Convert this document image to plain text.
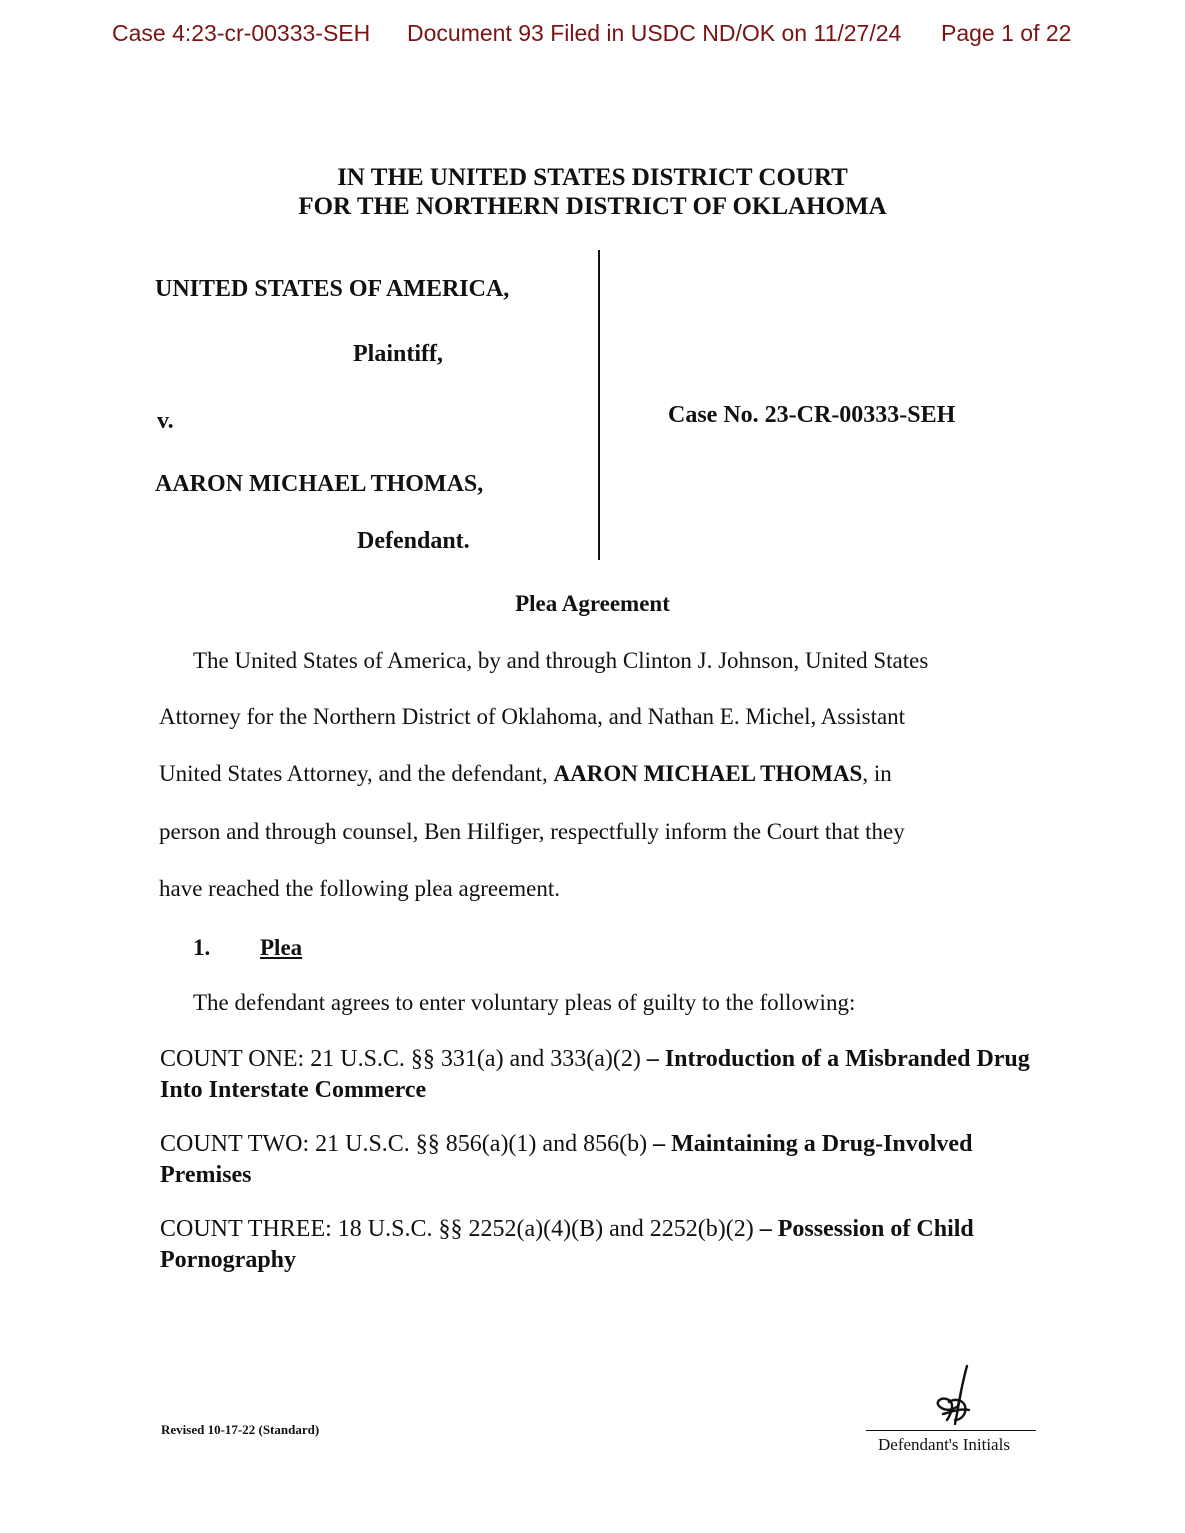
Case 4:23-cr-00333-SEH Document 93 Filed in USDC ND/OK on 11/27/24 Page 1 of 22
IN THE UNITED STATES DISTRICT COURT
FOR THE NORTHERN DISTRICT OF OKLAHOMA
UNITED STATES OF AMERICA,
Plaintiff,
v.	Case No. 23-CR-00333-SEH
AARON MICHAEL THOMAS,
Defendant.
Plea Agreement
The United States of America, by and through Clinton J. Johnson, United States
Attorney for the Northern District of Oklahoma, and Nathan E. Michel, Assistant
United States Attorney, and the defendant, AARON MICHAEL THOMAS, in
person and through counsel, Ben Hilfiger, respectfully inform the Court that they
have reached the following plea agreement.
1. Plea
The defendant agrees to enter voluntary pleas of guilty to the following:
COUNT ONE: 21 U.S.C. §§ 331(a) and 333(a)(2) – Introduction of a Misbranded Drug Into Interstate Commerce
COUNT TWO: 21 U.S.C. §§ 856(a)(1) and 856(b) – Maintaining a Drug-Involved Premises
COUNT THREE: 18 U.S.C. §§ 2252(a)(4)(B) and 2252(b)(2) – Possession of Child Pornography
Revised 10-17-22 (Standard)
Defendant's Initials
